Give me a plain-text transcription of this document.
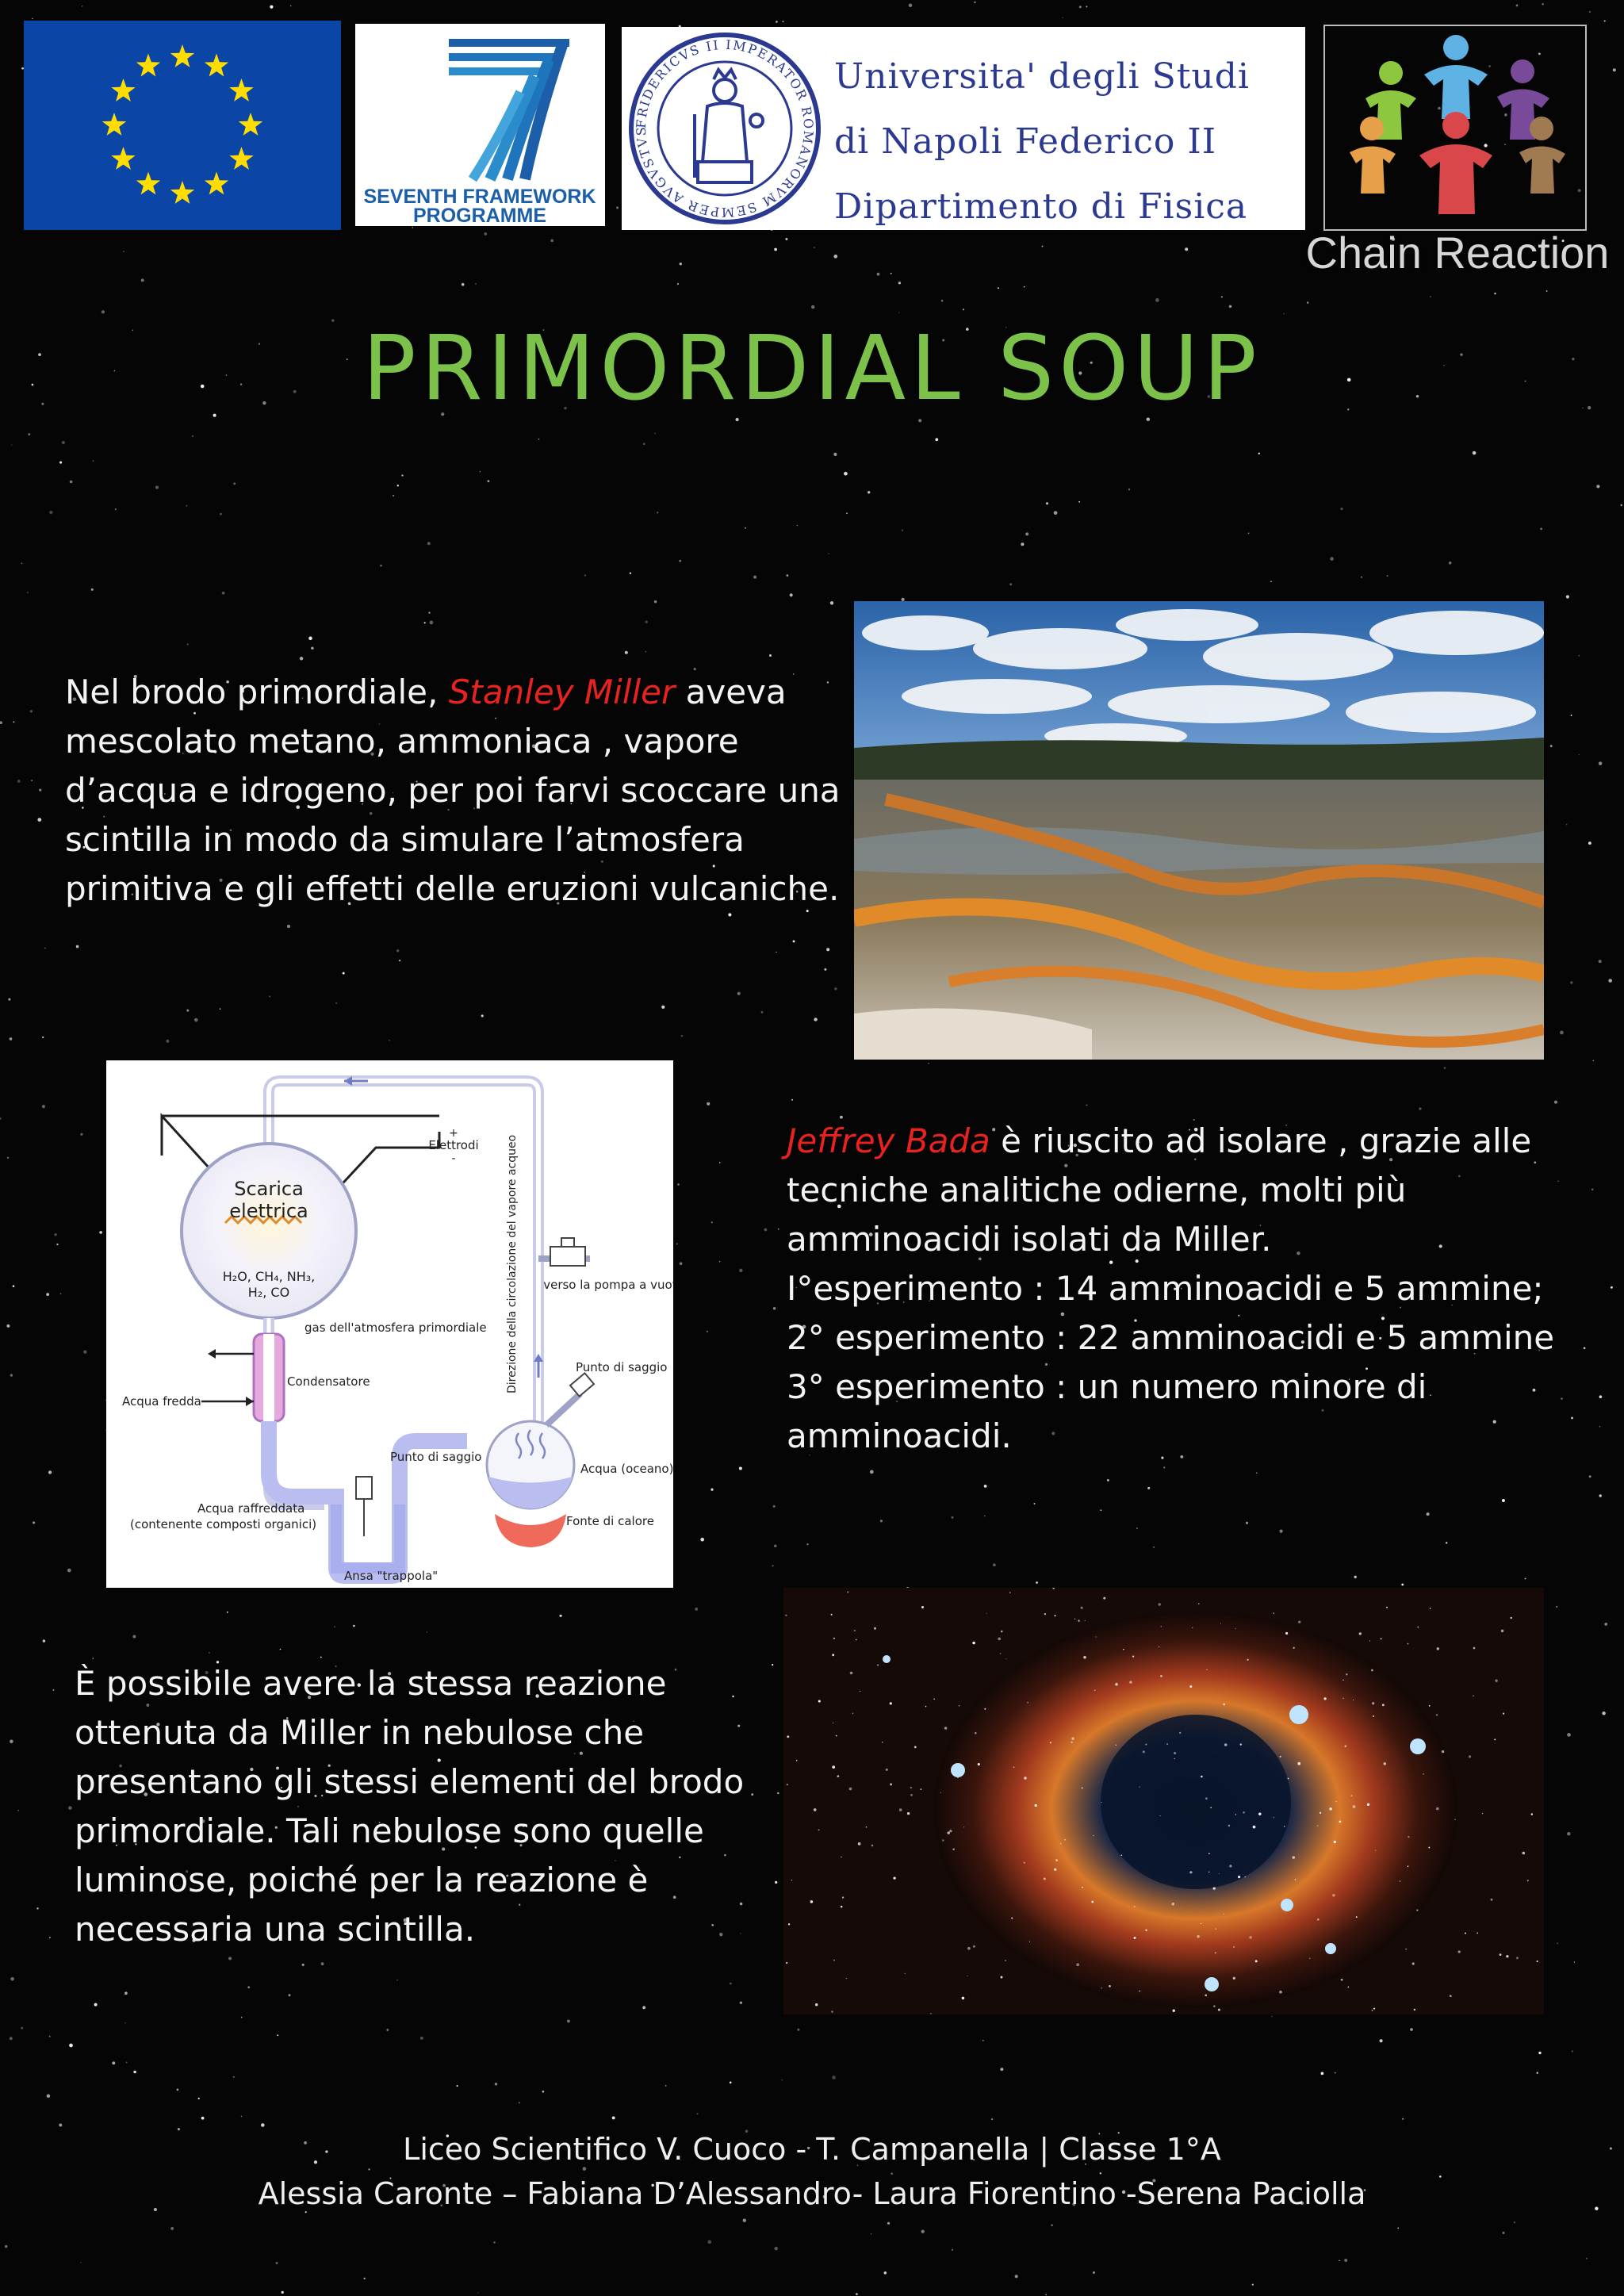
SEVENTH FRAMEWORK
PROGRAMME
FRIDERICVS II IMPERATOR ROMANORVM SEMPER AVGVSTVS
Universita' degli Studi
di Napoli Federico II
Dipartimento di Fisica
Chain Reaction
PRIMORDIAL SOUP
Nel brodo primordiale, Stanley Miller aveva mescolato metano, ammoniaca , vapore d’acqua e idrogeno, per poi farvi scoccare una scintilla in modo da simulare l’atmosfera primitiva e gli effetti delle eruzioni vulcaniche.
Scarica
elettrica
H₂O, CH₄, NH₃,
H₂, CO
+
Elettrodi
-
verso la pompa a vuoto
Direzione della circolazione del vapore acqueo
gas dell'atmosfera primordiale
Condensatore
Acqua fredda
Punto di saggio
Acqua raffreddata
(contenente composti organici)
Ansa "trappola"
Punto di saggio
Acqua (oceano)
Fonte di calore
Jeffrey Bada è riuscito ad isolare , grazie alle tecniche analitiche odierne, molti più amminoacidi isolati da Miller.
I°esperimento : 14 amminoacidi e 5 ammine;
2° esperimento : 22 amminoacidi e 5 ammine
3° esperimento : un numero minore di amminoacidi.
È possibile avere la stessa reazione ottenuta da Miller in nebulose che presentano gli stessi elementi del brodo primordiale. Tali nebulose sono quelle luminose, poiché per la reazione è necessaria una scintilla.
Liceo Scientifico V. Cuoco - T. Campanella | Classe 1°A
Alessia Caronte – Fabiana D’Alessandro- Laura Fiorentino -Serena Paciolla
